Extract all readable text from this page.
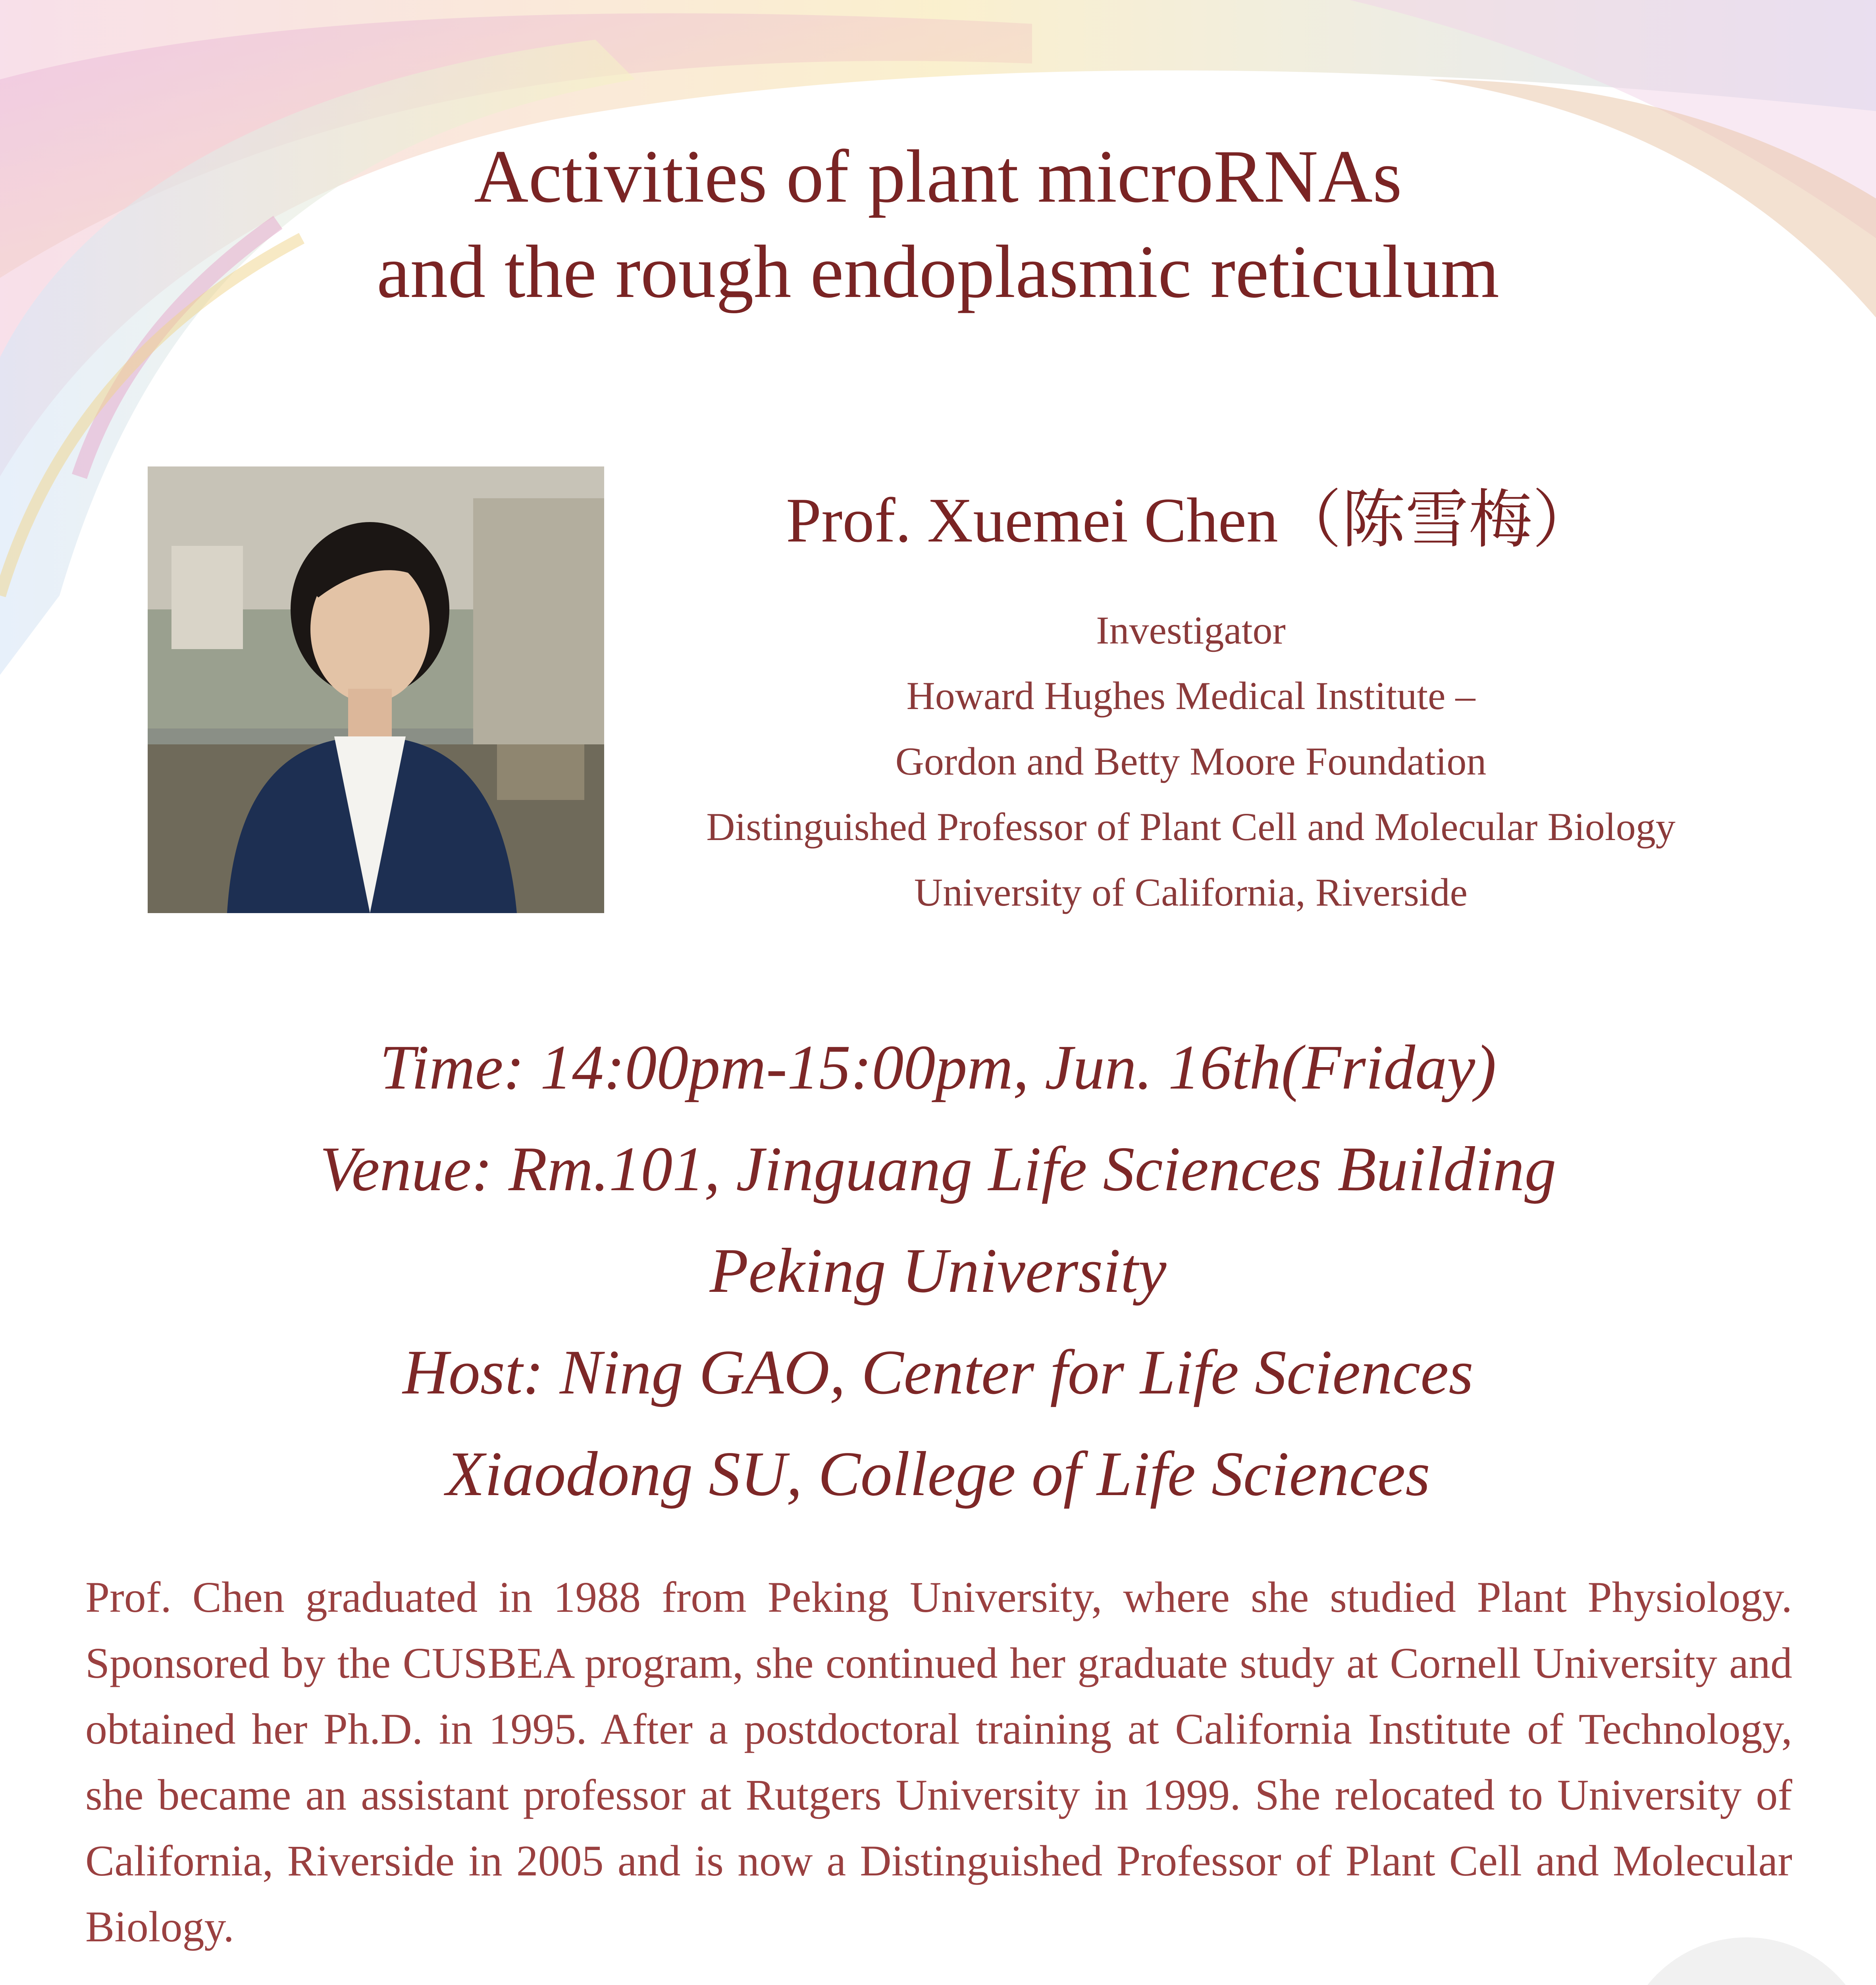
Activities of plant microRNAs
and the rough endoplasmic reticulum
Prof. Xuemei Chen（陈雪梅）
Investigator
Howard Hughes Medical Institute –
Gordon and Betty Moore Foundation
Distinguished Professor of Plant Cell and Molecular Biology
University of California, Riverside
Time: 14:00pm-15:00pm, Jun. 16th(Friday)
Venue: Rm.101, Jinguang Life Sciences Building
Peking University
Host: Ning GAO, Center for Life Sciences
Xiaodong SU, College of Life Sciences
Prof. Chen graduated in 1988 from Peking University, where she studied Plant Physiology. Sponsored by the CUSBEA program, she continued her graduate study at Cornell University and obtained her Ph.D. in 1995. After a postdoctoral training at California Institute of Technology, she became an assistant professor at Rutgers University in 1999. She relocated to University of California, Riverside in 2005 and is now a Distinguished Professor of Plant Cell and Molecular Biology.
